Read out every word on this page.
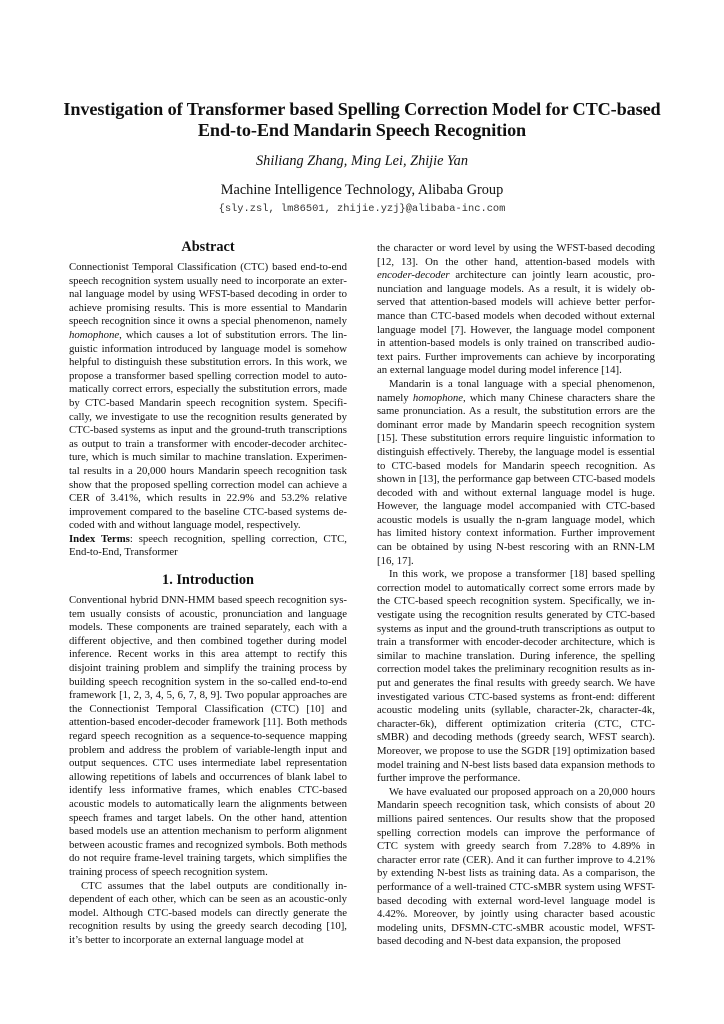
Investigation of Transformer based Spelling Correction Model for CTC-based
End-to-End Mandarin Speech Recognition
Shiliang Zhang, Ming Lei, Zhijie Yan
Machine Intelligence Technology, Alibaba Group
{sly.zsl, lm86501, zhijie.yzj}@alibaba-inc.com
Abstract

Connectionist Temporal Classification (CTC) based end-to-end speech recognition system usually need to incorporate an external language model by using WFST-based decoding in order to achieve promising results. This is more essential to Mandarin speech recognition since it owns a special phenomenon, namely homophone, which causes a lot of substitution errors. The linguistic information introduced by language model is somehow helpful to distinguish these substitution errors. In this work, we propose a transformer based spelling correction model to automatically correct errors, especially the substitution errors, made by CTC-based Mandarin speech recognition system. Specifically, we investigate to use the recognition results generated by CTC-based systems as input and the ground-truth transcriptions as output to train a transformer with encoder-decoder architecture, which is much similar to machine translation. Experimental results in a 20,000 hours Mandarin speech recognition task show that the proposed spelling correction model can achieve a CER of 3.41%, which results in 22.9% and 53.2% relative improvement compared to the baseline CTC-based systems decoded with and without language model, respectively.

Index Terms: speech recognition, spelling correction, CTC, End-to-End, Transformer

1. Introduction

Conventional hybrid DNN-HMM based speech recognition system usually consists of acoustic, pronunciation and language models. These components are trained separately, each with a different objective, and then combined together during model inference. Recent works in this area attempt to rectify this disjoint training problem and simplify the training process by building speech recognition system in the so-called end-to-end framework [1, 2, 3, 4, 5, 6, 7, 8, 9]. Two popular approaches are the Connectionist Temporal Classification (CTC) [10] and attention-based encoder-decoder framework [11]. Both methods regard speech recognition as a sequence-to-sequence mapping problem and address the problem of variable-length input and output sequences. CTC uses intermediate label representation allowing repetitions of labels and occurrences of blank label to identify less informative frames, which enables CTC-based acoustic models to automatically learn the alignments between speech frames and target labels. On the other hand, attention based models use an attention mechanism to perform alignment between acoustic frames and recognized symbols. Both methods do not require frame-level training targets, which simplifies the training process of speech recognition system.

CTC assumes that the label outputs are conditionally independent of each other, which can be seen as an acoustic-only model. Although CTC-based models can directly generate the recognition results by using the greedy search decoding [10], it’s better to incorporate an external language model at

the character or word level by using the WFST-based decoding [12, 13]. On the other hand, attention-based models with encoder-decoder architecture can jointly learn acoustic, pronunciation and language models. As a result, it is widely observed that attention-based models will achieve better performance than CTC-based models when decoded without external language model [7]. However, the language model component in attention-based models is only trained on transcribed audio-text pairs. Further improvements can achieve by incorporating an external language model during model inference [14].

Mandarin is a tonal language with a special phenomenon, namely homophone, which many Chinese characters share the same pronunciation. As a result, the substitution errors are the dominant error made by Mandarin speech recognition system [15]. These substitution errors require linguistic information to distinguish effectively. Thereby, the language model is essential to CTC-based models for Mandarin speech recognition. As shown in [13], the performance gap between CTC-based models decoded with and without external language model is huge. However, the language model accompanied with CTC-based acoustic models is usually the n-gram language model, which has limited history context information. Further improvement can be obtained by using N-best rescoring with an RNN-LM [16, 17].

In this work, we propose a transformer [18] based spelling correction model to automatically correct some errors made by the CTC-based speech recognition system. Specifically, we investigate using the recognition results generated by CTC-based systems as input and the ground-truth transcriptions as output to train a transformer with encoder-decoder architecture, which is similar to machine translation. During inference, the spelling correction model takes the preliminary recognition results as input and generates the final results with greedy search. We have investigated various CTC-based systems as front-end: different acoustic modeling units (syllable, character-2k, character-4k, character-6k), different optimization criteria (CTC, CTC-sMBR) and decoding methods (greedy search, WFST search). Moreover, we propose to use the SGDR [19] optimization based model training and N-best lists based data expansion methods to further improve the performance.

We have evaluated our proposed approach on a 20,000 hours Mandarin speech recognition task, which consists of about 20 millions paired sentences. Our results show that the proposed spelling correction models can improve the performance of CTC system with greedy search from 7.28% to 4.89% in character error rate (CER). And it can further improve to 4.21% by extending N-best lists as training data. As a comparison, the performance of a well-trained CTC-sMBR system using WFST-based decoding with external word-level language model is 4.42%. Moreover, by jointly using character based acoustic modeling units, DFSMN-CTC-sMBR acoustic model, WFST-based decoding and N-best data expansion, the proposed
